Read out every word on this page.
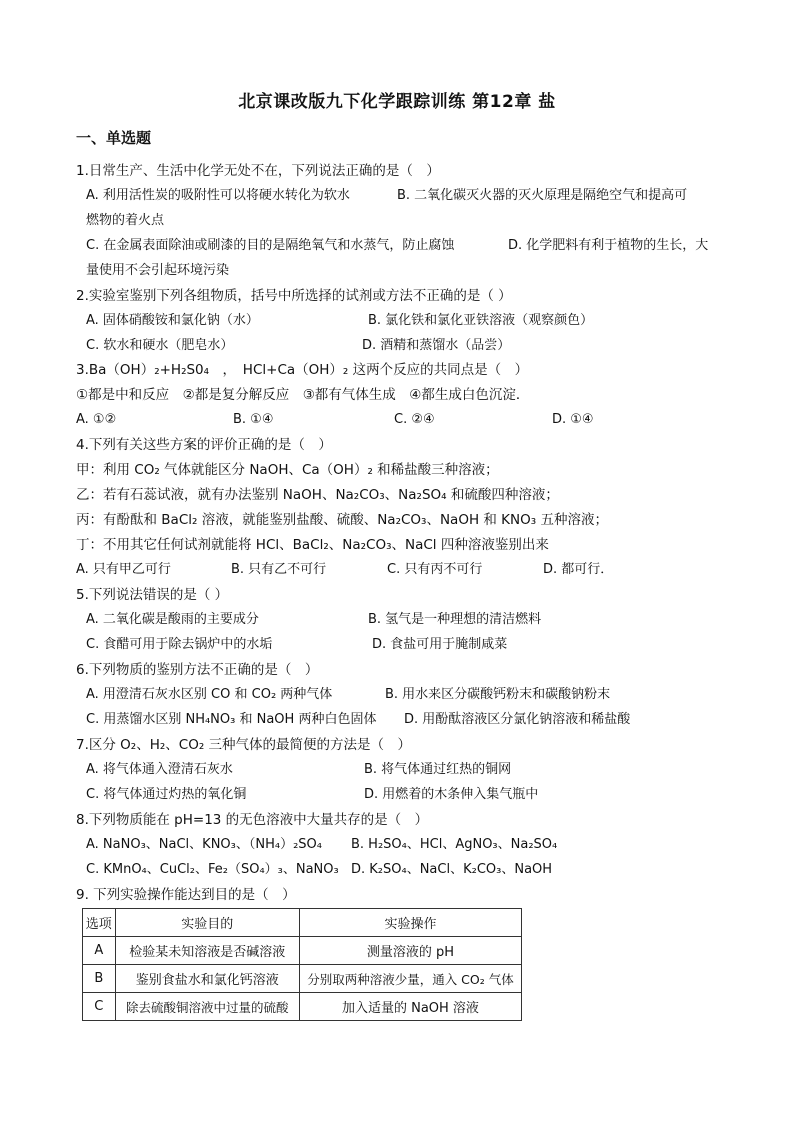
北京课改版九下化学跟踪训练 第12章 盐
一、单选题
1.日常生产、生活中化学无处不在，下列说法正确的是（　）
A. 利用活性炭的吸附性可以将硬水转化为软水	B. 二氧化碳灭火器的灭火原理是隔绝空气和提高可
燃物的着火点
C. 在金属表面除油或刷漆的目的是隔绝氧气和水蒸气，防止腐蚀	D. 化学肥料有利于植物的生长，大
量使用不会引起环境污染
2.实验室鉴别下列各组物质，括号中所选择的试剂或方法不正确的是（ ）
A. 固体硝酸铵和氯化钠（水）	B. 氯化铁和氯化亚铁溶液（观察颜色）
C. 软水和硬水（肥皂水）	D. 酒精和蒸馏水（品尝）
3.Ba（OH）₂+H₂S0₄　，　HCl+Ca（OH）₂ 这两个反应的共同点是（　）
①都是中和反应　②都是复分解反应　③都有气体生成　④都生成白色沉淀．
A. ①②	B. ①④	C. ②④	D. ①④
4.下列有关这些方案的评价正确的是（　）
甲：利用 CO₂ 气体就能区分 NaOH、Ca（OH）₂ 和稀盐酸三种溶液；
乙：若有石蕊试液，就有办法鉴别 NaOH、Na₂CO₃、Na₂SO₄ 和硫酸四种溶液；
丙：有酚酞和 BaCl₂ 溶液，就能鉴别盐酸、硫酸、Na₂CO₃、NaOH 和 KNO₃ 五种溶液；
丁：不用其它任何试剂就能将 HCl、BaCl₂、Na₂CO₃、NaCl 四种溶液鉴别出来
A. 只有甲乙可行	B. 只有乙不可行	C. 只有丙不可行	D. 都可行．
5.下列说法错误的是（ ）
A. 二氧化碳是酸雨的主要成分	B. 氢气是一种理想的清洁燃料
C. 食醋可用于除去锅炉中的水垢	D. 食盐可用于腌制咸菜
6.下列物质的鉴别方法不正确的是（　）
A. 用澄清石灰水区别 CO 和 CO₂ 两种气体	B. 用水来区分碳酸钙粉末和碳酸钠粉末
C. 用蒸馏水区别 NH₄NO₃ 和 NaOH 两种白色固体 D. 用酚酞溶液区分氯化钠溶液和稀盐酸
7.区分 O₂、H₂、CO₂ 三种气体的最简便的方法是（　）
A. 将气体通入澄清石灰水	B. 将气体通过红热的铜网
C. 将气体通过灼热的氧化铜	D. 用燃着的木条伸入集气瓶中
8.下列物质能在 pH=13 的无色溶液中大量共存的是（　）
A. NaNO₃、NaCl、KNO₃、（NH₄）₂SO₄ B. H₂SO₄、HCl、AgNO₃、Na₂SO₄
C. KMnO₄、CuCl₂、Fe₂（SO₄）₃、NaNO₃ D. K₂SO₄、NaCl、K₂CO₃、NaOH
9. 下列实验操作能达到目的是（　）
选项	实验目的	实验操作
A	检验某未知溶液是否碱溶液	测量溶液的 pH
B	鉴别食盐水和氯化钙溶液	分别取两种溶液少量，通入 CO₂ 气体
C	除去硫酸铜溶液中过量的硫酸	加入适量的 NaOH 溶液
